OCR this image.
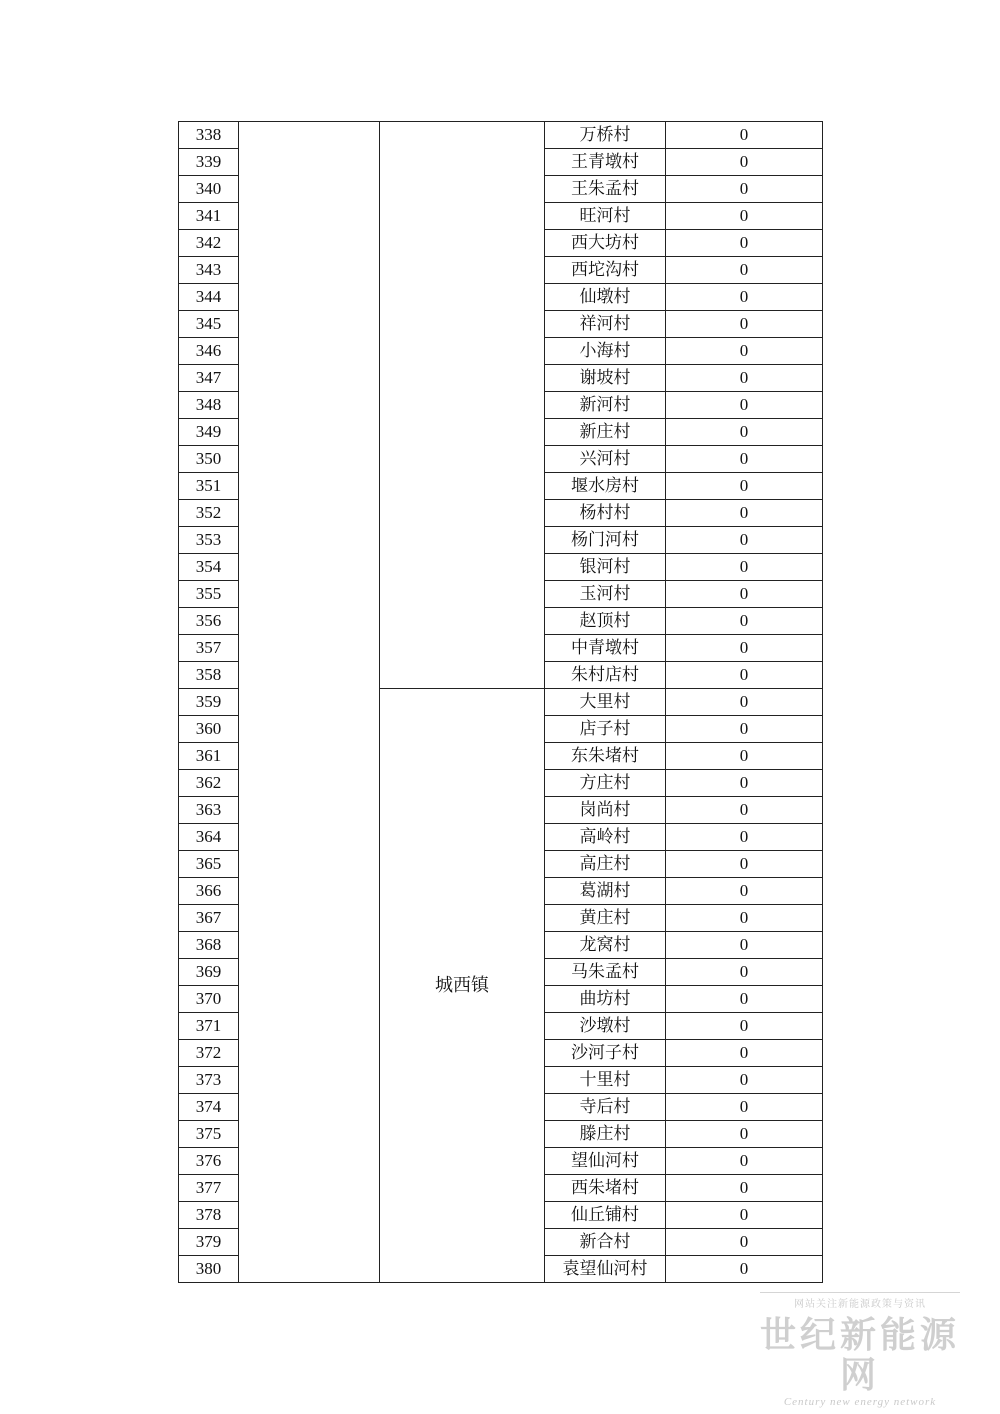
338			万桥村	0
339			王青墩村	0
340			王朱孟村	0
341			旺河村	0
342			西大坊村	0
343			西坨沟村	0
344			仙墩村	0
345			祥河村	0
346			小海村	0
347			谢坡村	0
348			新河村	0
349			新庄村	0
350			兴河村	0
351			堰水房村	0
352			杨村村	0
353			杨门河村	0
354			银河村	0
355			玉河村	0
356			赵顶村	0
357			中青墩村	0
358			朱村店村	0
359		城西镇	大里村	0
360			店子村	0
361			东朱堵村	0
362			方庄村	0
363			岗尚村	0
364			高岭村	0
365			高庄村	0
366			葛湖村	0
367			黄庄村	0
368			龙窝村	0
369			马朱孟村	0
370			曲坊村	0
371			沙墩村	0
372			沙河子村	0
373			十里村	0
374			寺后村	0
375			滕庄村	0
376			望仙河村	0
377			西朱堵村	0
378			仙丘铺村	0
379			新合村	0
380			袁望仙河村	0
网站关注新能源政策与资讯
世纪新能源网
Century new energy network
